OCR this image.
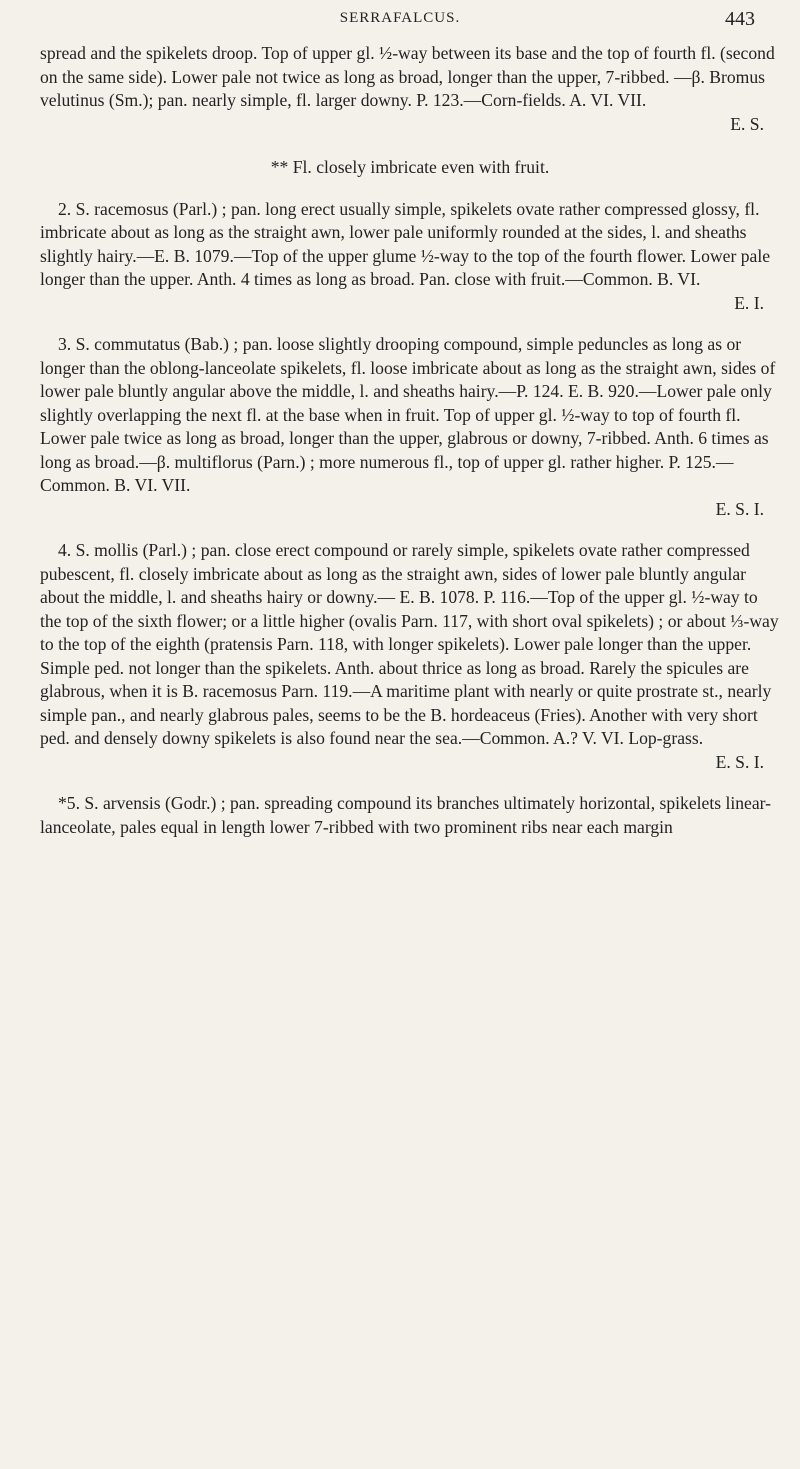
SERRAFALCUS.	443

spread and the spikelets droop. Top of upper gl. ½-way between its base and the top of fourth fl. (second on the same side). Lower pale not twice as long as broad, longer than the upper, 7-ribbed. —β. Bromus velutinus (Sm.); pan. nearly simple, fl. larger downy. P. 123.—Corn-fields. A. VI. VII.
E. S.

** Fl. closely imbricate even with fruit.

2. S. racemosus (Parl.) ; pan. long erect usually simple, spikelets ovate rather compressed glossy, fl. imbricate about as long as the straight awn, lower pale uniformly rounded at the sides, l. and sheaths slightly hairy.—E. B. 1079.—Top of the upper glume ½-way to the top of the fourth flower. Lower pale longer than the upper. Anth. 4 times as long as broad. Pan. close with fruit.—Common. B. VI.
E. I.

3. S. commutatus (Bab.) ; pan. loose slightly drooping compound, simple peduncles as long as or longer than the oblong-lanceolate spikelets, fl. loose imbricate about as long as the straight awn, sides of lower pale bluntly angular above the middle, l. and sheaths hairy.—P. 124. E. B. 920.—Lower pale only slightly overlapping the next fl. at the base when in fruit. Top of upper gl. ½-way to top of fourth fl. Lower pale twice as long as broad, longer than the upper, glabrous or downy, 7-ribbed. Anth. 6 times as long as broad.—β. multiflorus (Parn.) ; more numerous fl., top of upper gl. rather higher. P. 125.—Common. B. VI. VII.
E. S. I.

4. S. mollis (Parl.) ; pan. close erect compound or rarely simple, spikelets ovate rather compressed pubescent, fl. closely imbricate about as long as the straight awn, sides of lower pale bluntly angular about the middle, l. and sheaths hairy or downy.— E. B. 1078. P. 116.—Top of the upper gl. ½-way to the top of the sixth flower; or a little higher (ovalis Parn. 117, with short oval spikelets) ; or about ⅓-way to the top of the eighth (pratensis Parn. 118, with longer spikelets). Lower pale longer than the upper. Simple ped. not longer than the spikelets. Anth. about thrice as long as broad. Rarely the spicules are glabrous, when it is B. racemosus Parn. 119.—A maritime plant with nearly or quite prostrate st., nearly simple pan., and nearly glabrous pales, seems to be the B. hordeaceus (Fries). Another with very short ped. and densely downy spikelets is also found near the sea.—Common. A.? V. VI. Lop-grass.
E. S. I.

*5. S. arvensis (Godr.) ; pan. spreading compound its branches ultimately horizontal, spikelets linear-lanceolate, pales equal in length lower 7-ribbed with two prominent ribs near each margin
